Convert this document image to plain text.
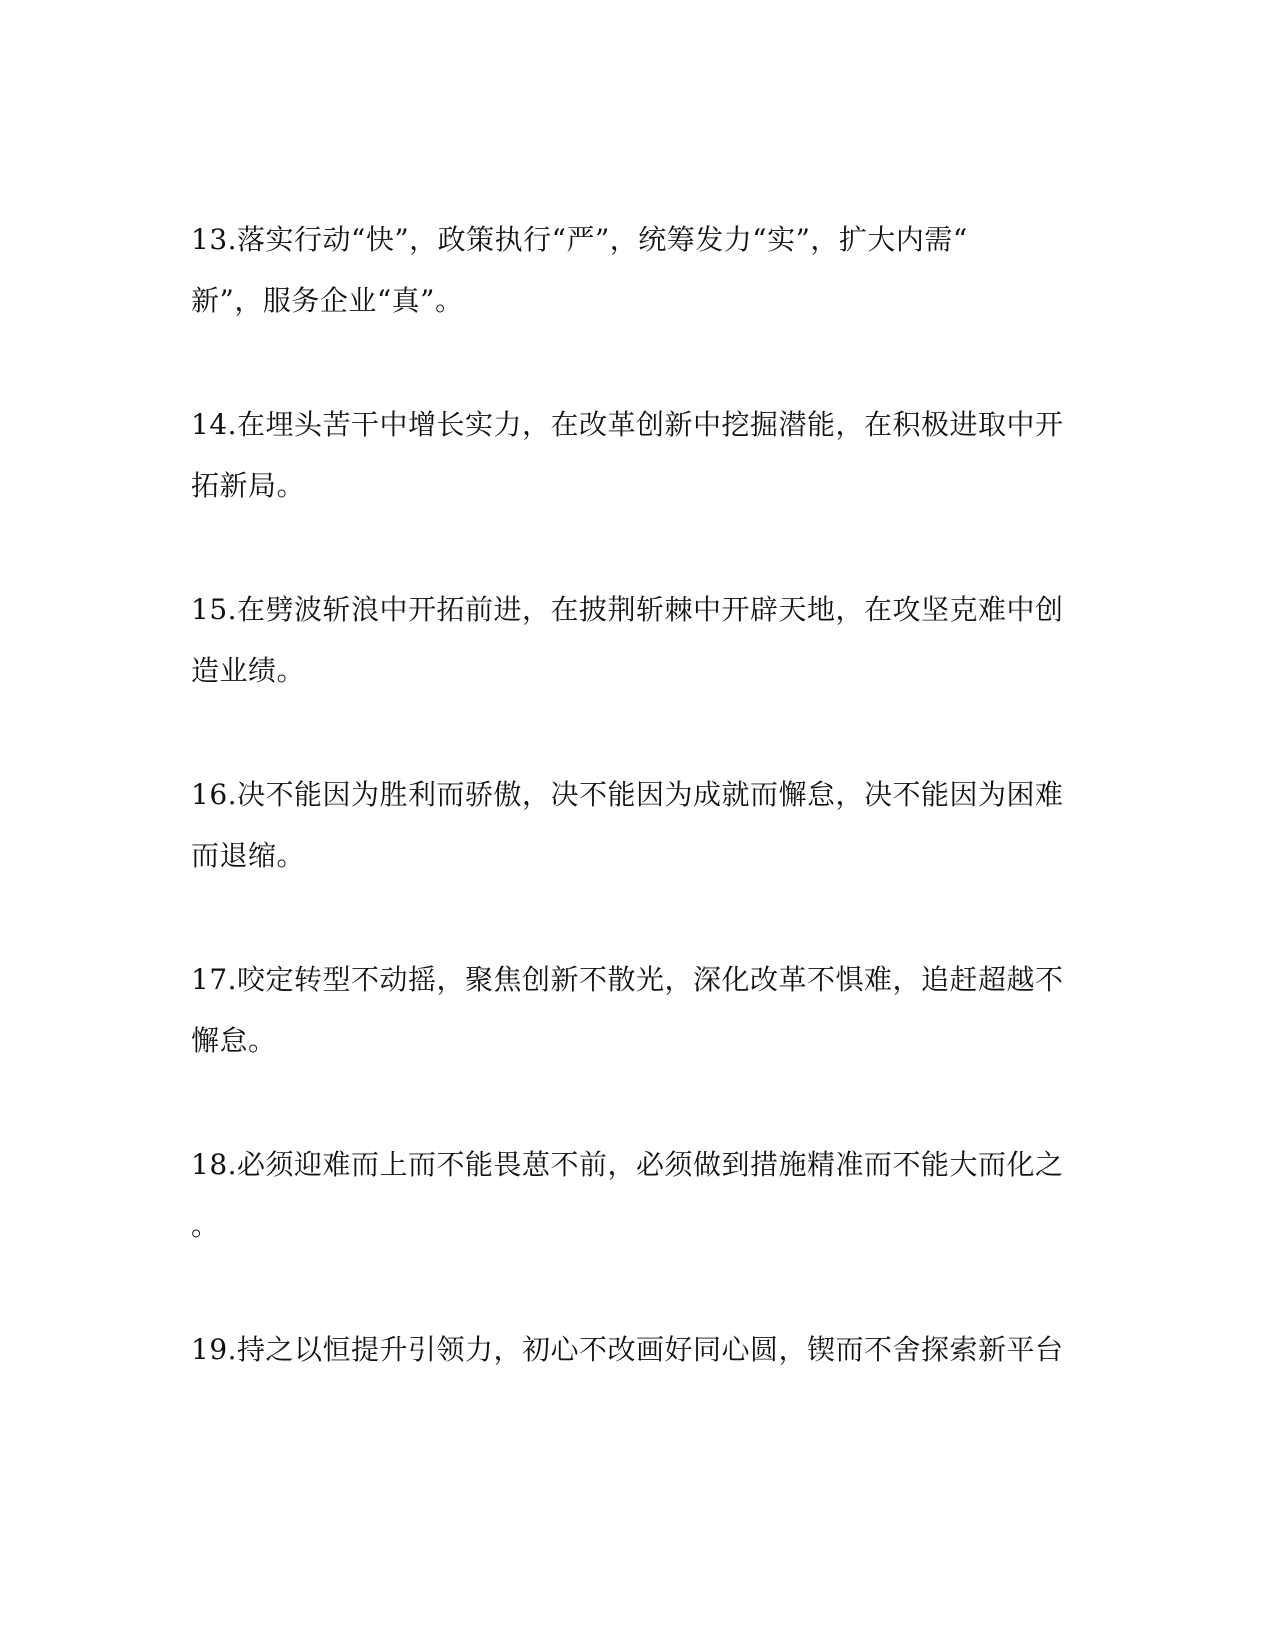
13.落实行动“快”，政策执行“严”，统筹发力“实”，扩大内需“
新”，服务企业“真”。
14.在埋头苦干中增长实力，在改革创新中挖掘潜能，在积极进取中开
拓新局。
15.在劈波斩浪中开拓前进，在披荆斩棘中开辟天地，在攻坚克难中创
造业绩。
16.决不能因为胜利而骄傲，决不能因为成就而懈怠，决不能因为困难
而退缩。
17.咬定转型不动摇，聚焦创新不散光，深化改革不惧难，追赶超越不
懈怠。
18.必须迎难而上而不能畏葸不前，必须做到措施精准而不能大而化之
。
19.持之以恒提升引领力，初心不改画好同心圆，锲而不舍探索新平台
